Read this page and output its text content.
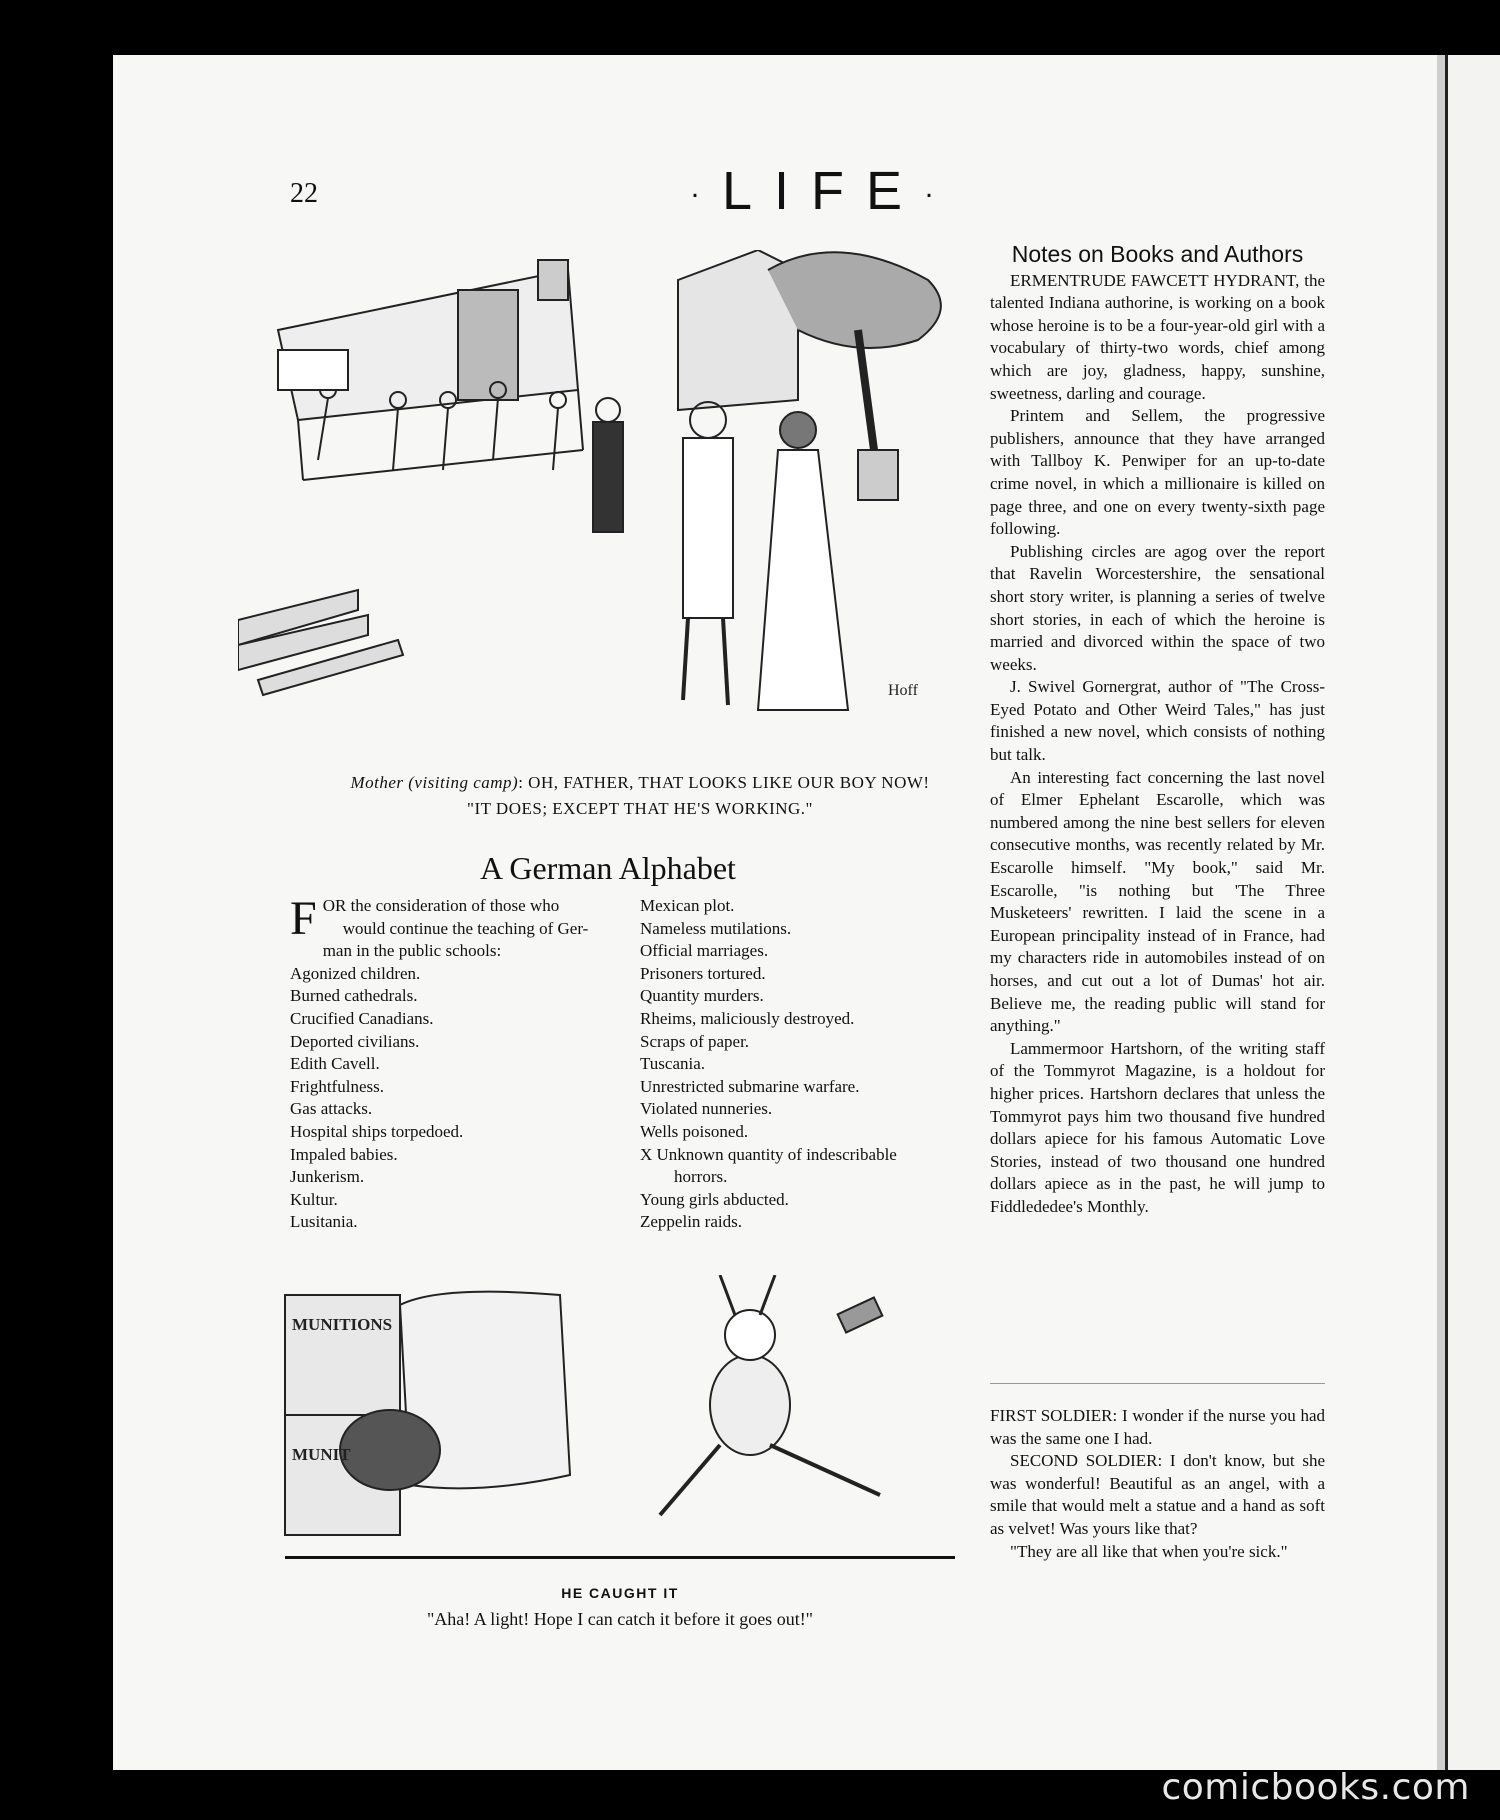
22	·LIFE·
Hoff
Mother (visiting camp): OH, FATHER, THAT LOOKS LIKE OUR BOY NOW!
"IT DOES; EXCEPT THAT HE'S WORKING."
A German Alphabet

FOR the consideration of those who
would continue the teaching of Ger-

man in the public schools:

Agonized children.

Burned cathedrals.

Crucified Canadians.

Deported civilians.

Edith Cavell.

Frightfulness.

Gas attacks.

Hospital ships torpedoed.

Impaled babies.

Junkerism.

Kultur.

Lusitania.

Mexican plot.

Nameless mutilations.

Official marriages.

Prisoners tortured.

Quantity murders.

Rheims, maliciously destroyed.

Scraps of paper.

Tuscania.

Unrestricted submarine warfare.

Violated nunneries.

Wells poisoned.

X Unknown quantity of indescribable

horrors.

Young girls abducted.

Zeppelin raids.

MUNITIONS
MUNIT
HE CAUGHT IT
"Aha! A light! Hope I can catch it before it goes out!"
Notes on Books and Authors

ERMENTRUDE FAWCETT HYDRANT, the talented Indiana authorine, is working on a book whose heroine is to be a four-year-old girl with a vocabulary of thirty-two words, chief among which are joy, gladness, happy, sunshine, sweetness, darling and courage.

Printem and Sellem, the progressive publishers, announce that they have arranged with Tallboy K. Penwiper for an up-to-date crime novel, in which a millionaire is killed on page three, and one on every twenty-sixth page following.

Publishing circles are agog over the report that Ravelin Worcestershire, the sensational short story writer, is planning a series of twelve short stories, in each of which the heroine is married and divorced within the space of two weeks.

J. Swivel Gornergrat, author of "The Cross-Eyed Potato and Other Weird Tales," has just finished a new novel, which consists of nothing but talk.

An interesting fact concerning the last novel of Elmer Ephelant Escarolle, which was numbered among the nine best sellers for eleven consecutive months, was recently related by Mr. Escarolle himself. "My book," said Mr. Escarolle, "is nothing but 'The Three Musketeers' rewritten. I laid the scene in a European principality instead of in France, had my characters ride in automobiles instead of on horses, and cut out a lot of Dumas' hot air. Believe me, the reading public will stand for anything."

Lammermoor Hartshorn, of the writing staff of the Tommyrot Magazine, is a holdout for higher prices. Hartshorn declares that unless the Tommyrot pays him two thousand five hundred dollars apiece for his famous Automatic Love Stories, instead of two thousand one hundred dollars apiece as in the past, he will jump to Fiddlededee's Monthly.

FIRST SOLDIER: I wonder if the nurse you had was the same one I had.

SECOND SOLDIER: I don't know, but she was wonderful! Beautiful as an angel, with a smile that would melt a statue and a hand as soft as velvet! Was yours like that?

"They are all like that when you're sick."

comicbooks.com
